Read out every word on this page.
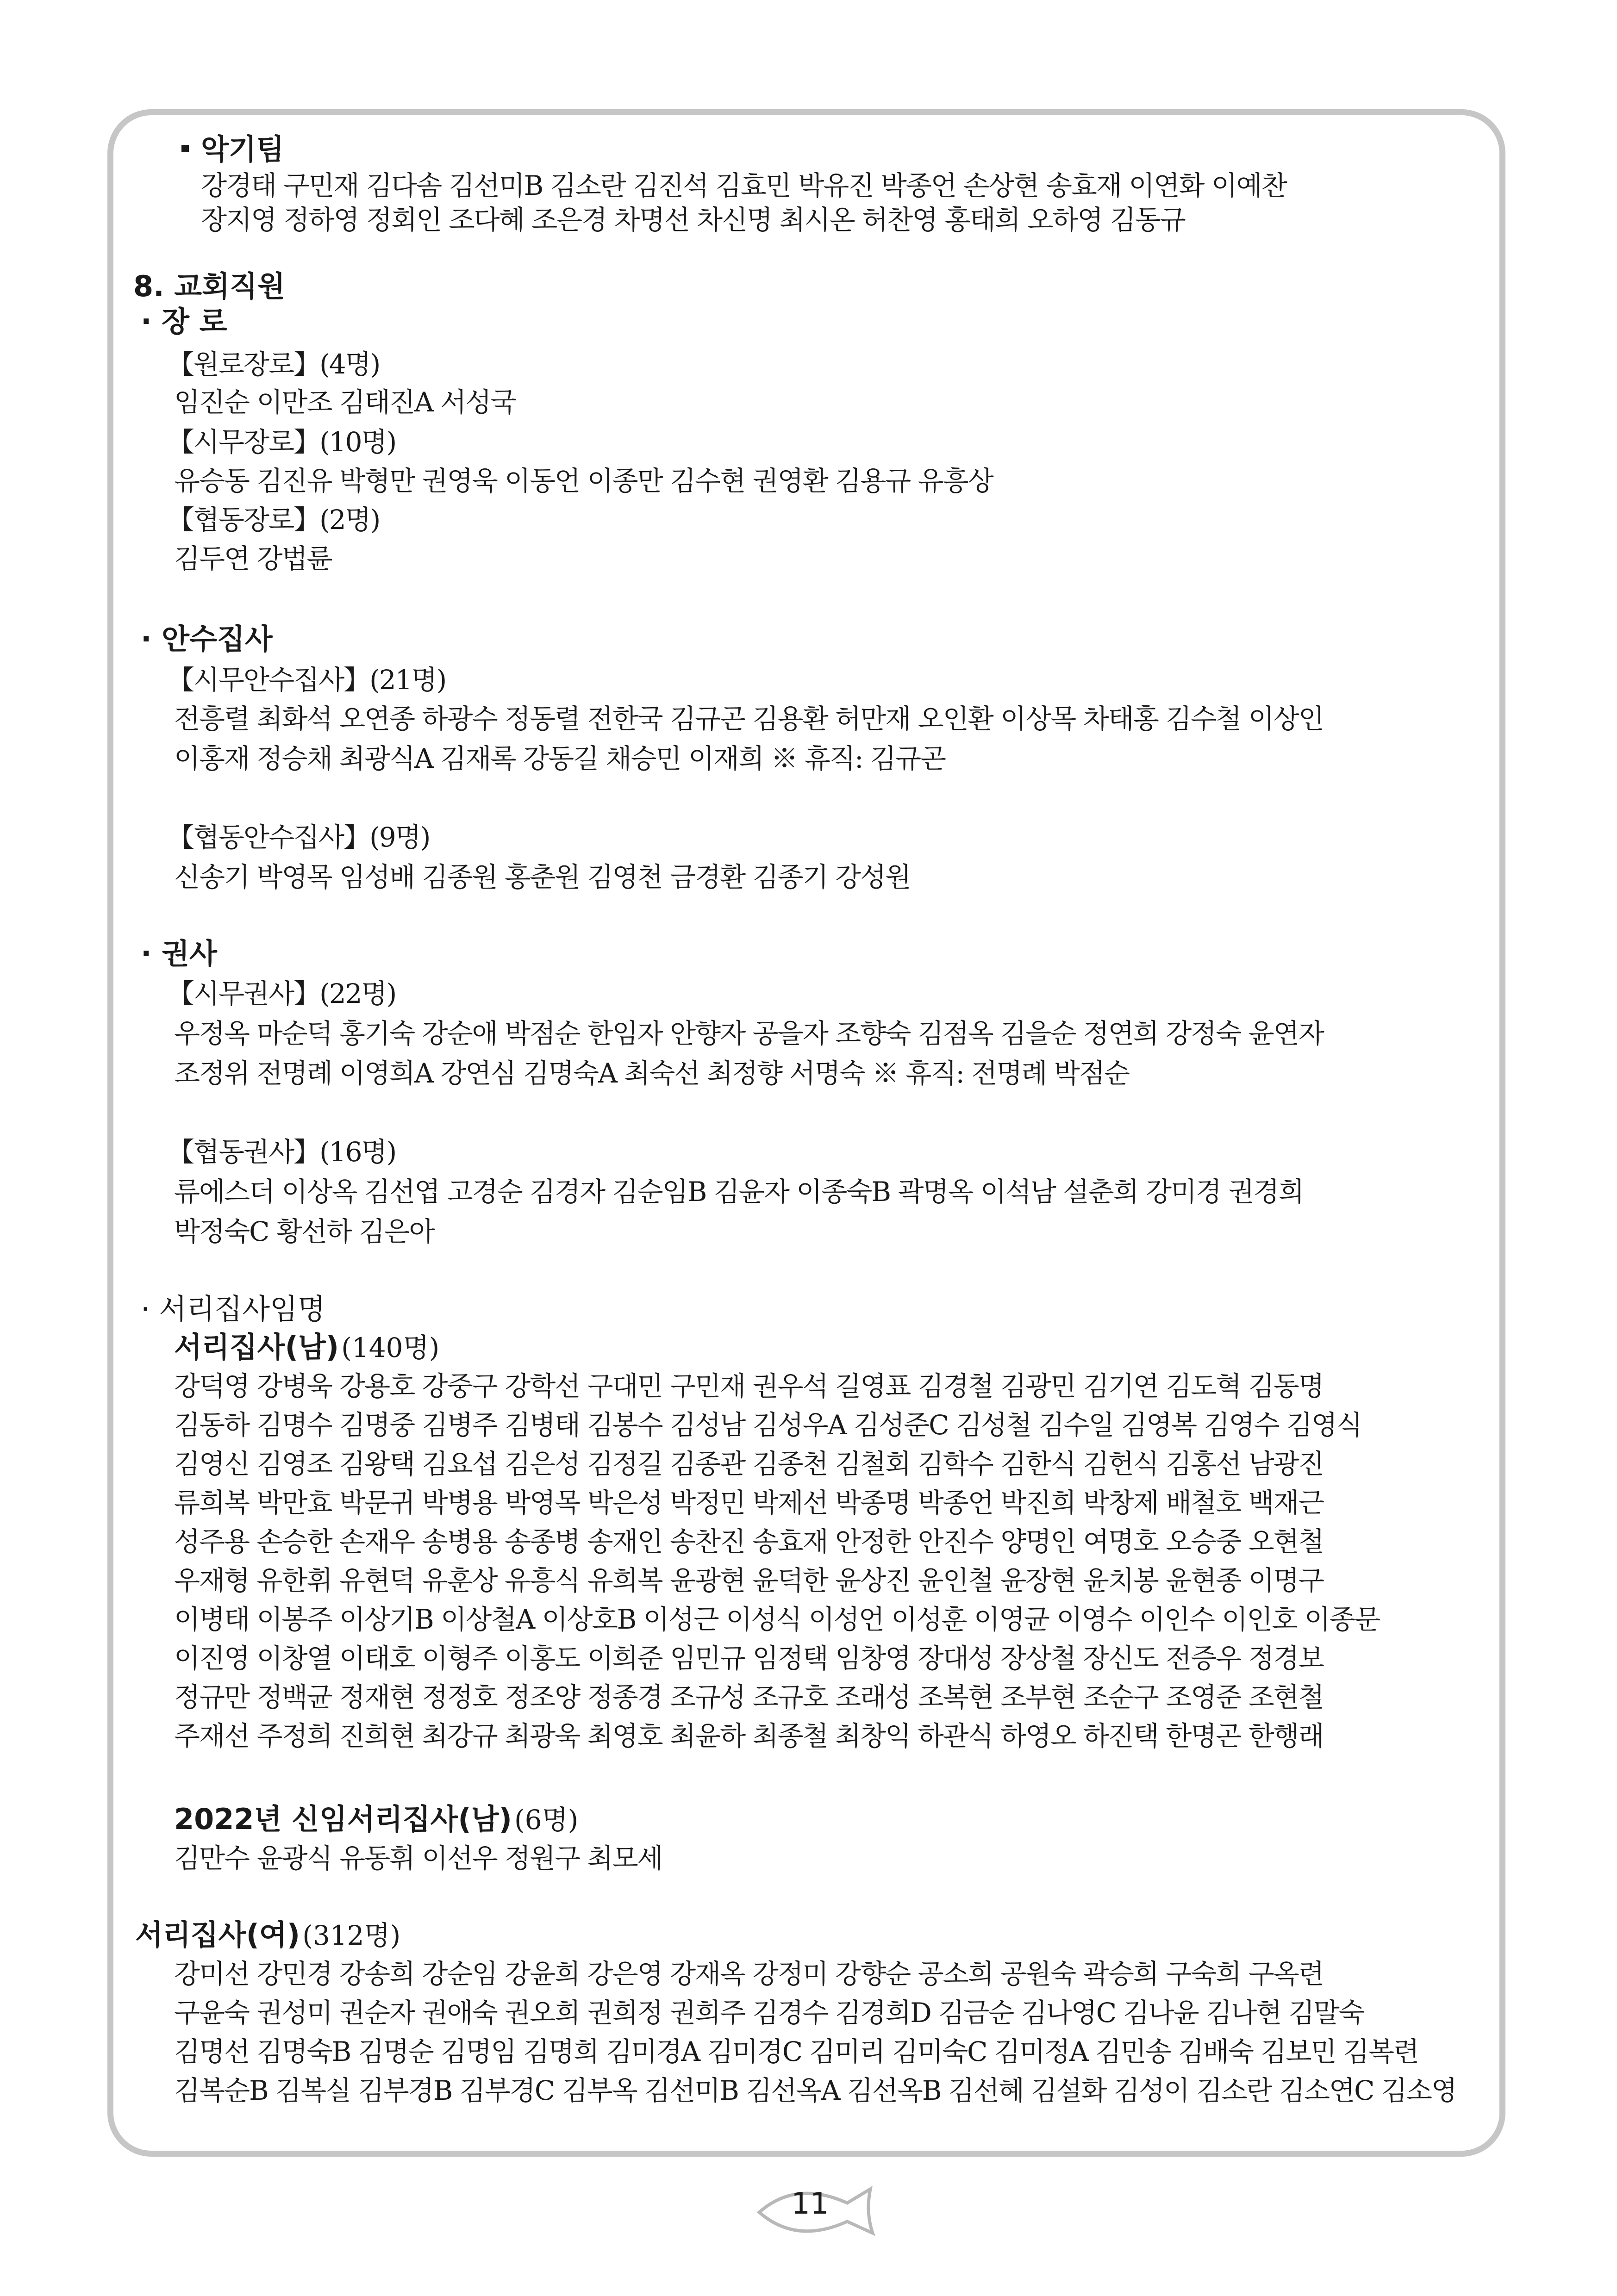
악기팀
강경태 구민재 김다솜 김선미B 김소란 김진석 김효민 박유진 박종언 손상현 송효재 이연화 이예찬
장지영 정하영 정회인 조다혜 조은경 차명선 차신명 최시온 허찬영 홍태희 오하영 김동규
8. 교회직원
· 장 로
【원로장로】(4명)
임진순 이만조 김태진A 서성국
【시무장로】(10명)
유승동 김진유 박형만 권영욱 이동언 이종만 김수현 권영환 김용규 유흥상
【협동장로】(2명)
김두연 강법륜
· 안수집사
【시무안수집사】(21명)
전흥렬 최화석 오연종 하광수 정동렬 전한국 김규곤 김용환 허만재 오인환 이상목 차태홍 김수철 이상인
이홍재 정승채 최광식A 김재록 강동길 채승민 이재희 ※ 휴직: 김규곤
【협동안수집사】(9명)
신송기 박영목 임성배 김종원 홍춘원 김영천 금경환 김종기 강성원
· 권사
【시무권사】(22명)
우정옥 마순덕 홍기숙 강순애 박점순 한임자 안향자 공을자 조향숙 김점옥 김을순 정연희 강정숙 윤연자
조정위 전명례 이영희A 강연심 김명숙A 최숙선 최정향 서명숙 ※ 휴직: 전명례 박점순
【협동권사】(16명)
류에스더 이상옥 김선엽 고경순 김경자 김순임B 김윤자 이종숙B 곽명옥 이석남 설춘희 강미경 권경희
박정숙C 황선하 김은아
· 서리집사임명
서리집사(남) (140명)
강덕영 강병욱 강용호 강중구 강학선 구대민 구민재 권우석 길영표 김경철 김광민 김기연 김도혁 김동명
김동하 김명수 김명중 김병주 김병태 김봉수 김성남 김성우A 김성준C 김성철 김수일 김영복 김영수 김영식
김영신 김영조 김왕택 김요섭 김은성 김정길 김종관 김종천 김철회 김학수 김한식 김헌식 김홍선 남광진
류희복 박만효 박문귀 박병용 박영목 박은성 박정민 박제선 박종명 박종언 박진희 박창제 배철호 백재근
성주용 손승한 손재우 송병용 송종병 송재인 송찬진 송효재 안정한 안진수 양명인 여명호 오승중 오현철
우재형 유한휘 유현덕 유훈상 유흥식 유희복 윤광현 윤덕한 윤상진 윤인철 윤장현 윤치봉 윤현종 이명구
이병태 이봉주 이상기B 이상철A 이상호B 이성근 이성식 이성언 이성훈 이영균 이영수 이인수 이인호 이종문
이진영 이창열 이태호 이형주 이홍도 이희준 임민규 임정택 임창영 장대성 장상철 장신도 전증우 정경보
정규만 정백균 정재현 정정호 정조양 정종경 조규성 조규호 조래성 조복현 조부현 조순구 조영준 조현철
주재선 주정희 진희현 최강규 최광욱 최영호 최윤하 최종철 최창익 하관식 하영오 하진택 한명곤 한행래
2022년 신임서리집사(남) (6명)
김만수 윤광식 유동휘 이선우 정원구 최모세
서리집사(여) (312명)
강미선 강민경 강송희 강순임 강윤희 강은영 강재옥 강정미 강향순 공소희 공원숙 곽승희 구숙희 구옥련
구윤숙 권성미 권순자 권애숙 권오희 권희정 권희주 김경수 김경희D 김금순 김나영C 김나윤 김나현 김말숙
김명선 김명숙B 김명순 김명임 김명희 김미경A 김미경C 김미리 김미숙C 김미정A 김민송 김배숙 김보민 김복련
김복순B 김복실 김부경B 김부경C 김부옥 김선미B 김선옥A 김선옥B 김선혜 김설화 김성이 김소란 김소연C 김소영
11
